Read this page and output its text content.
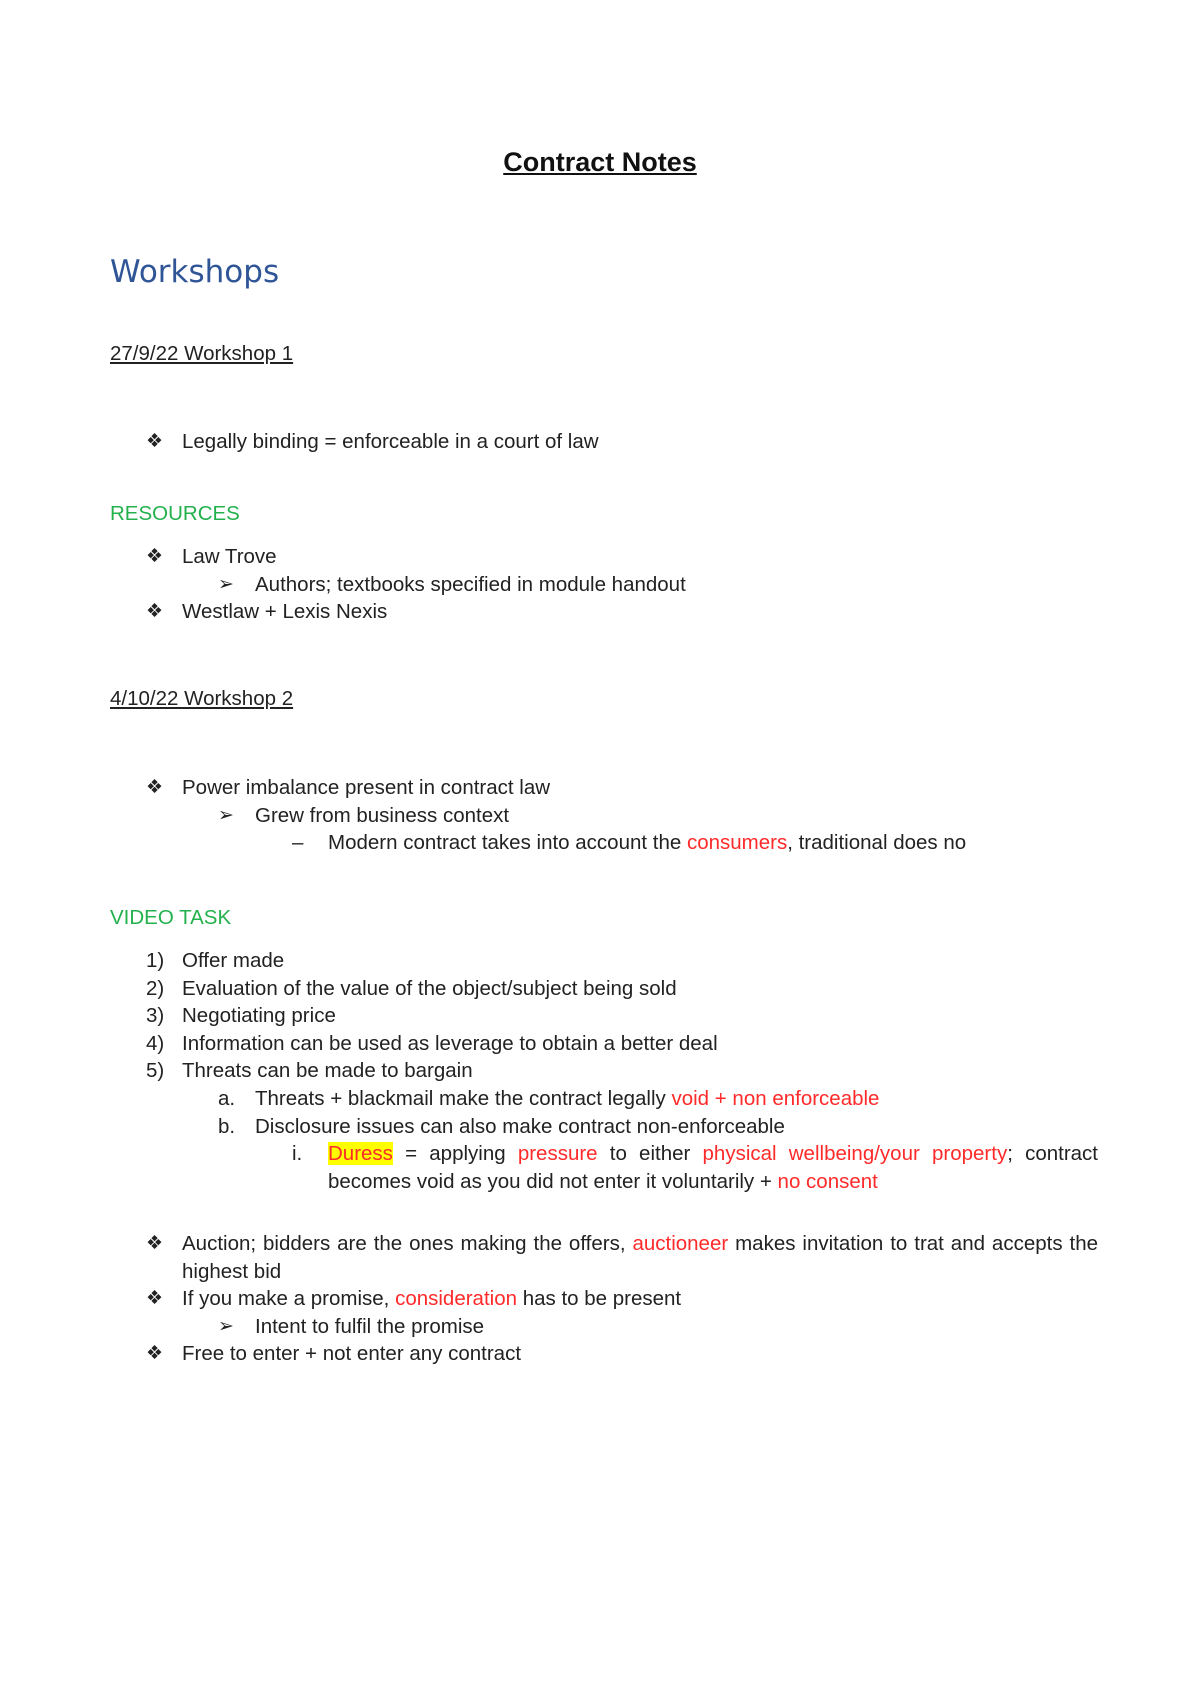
Contract Notes
Workshops

27/9/22 Workshop 1

❖ Legally binding = enforceable in a court of law

RESOURCES

❖ Law Trove
➢ Authors; textbooks specified in module handout
❖ Westlaw + Lexis Nexis

4/10/22 Workshop 2

❖ Power imbalance present in contract law
➢ Grew from business context
– Modern contract takes into account the consumers, traditional does no

VIDEO TASK

1) Offer made
2) Evaluation of the value of the object/subject being sold
3) Negotiating price
4) Information can be used as leverage to obtain a better deal
5) Threats can be made to bargain
a. Threats + blackmail make the contract legally void + non enforceable
b. Disclosure issues can also make contract non-enforceable
i. Duress = applying pressure to either physical wellbeing/your property; contract becomes void as you did not enter it voluntarily + no consent
❖ Auction; bidders are the ones making the offers, auctioneer makes invitation to trat and accepts the highest bid
❖ If you make a promise, consideration has to be present
➢ Intent to fulfil the promise
❖ Free to enter + not enter any contract
